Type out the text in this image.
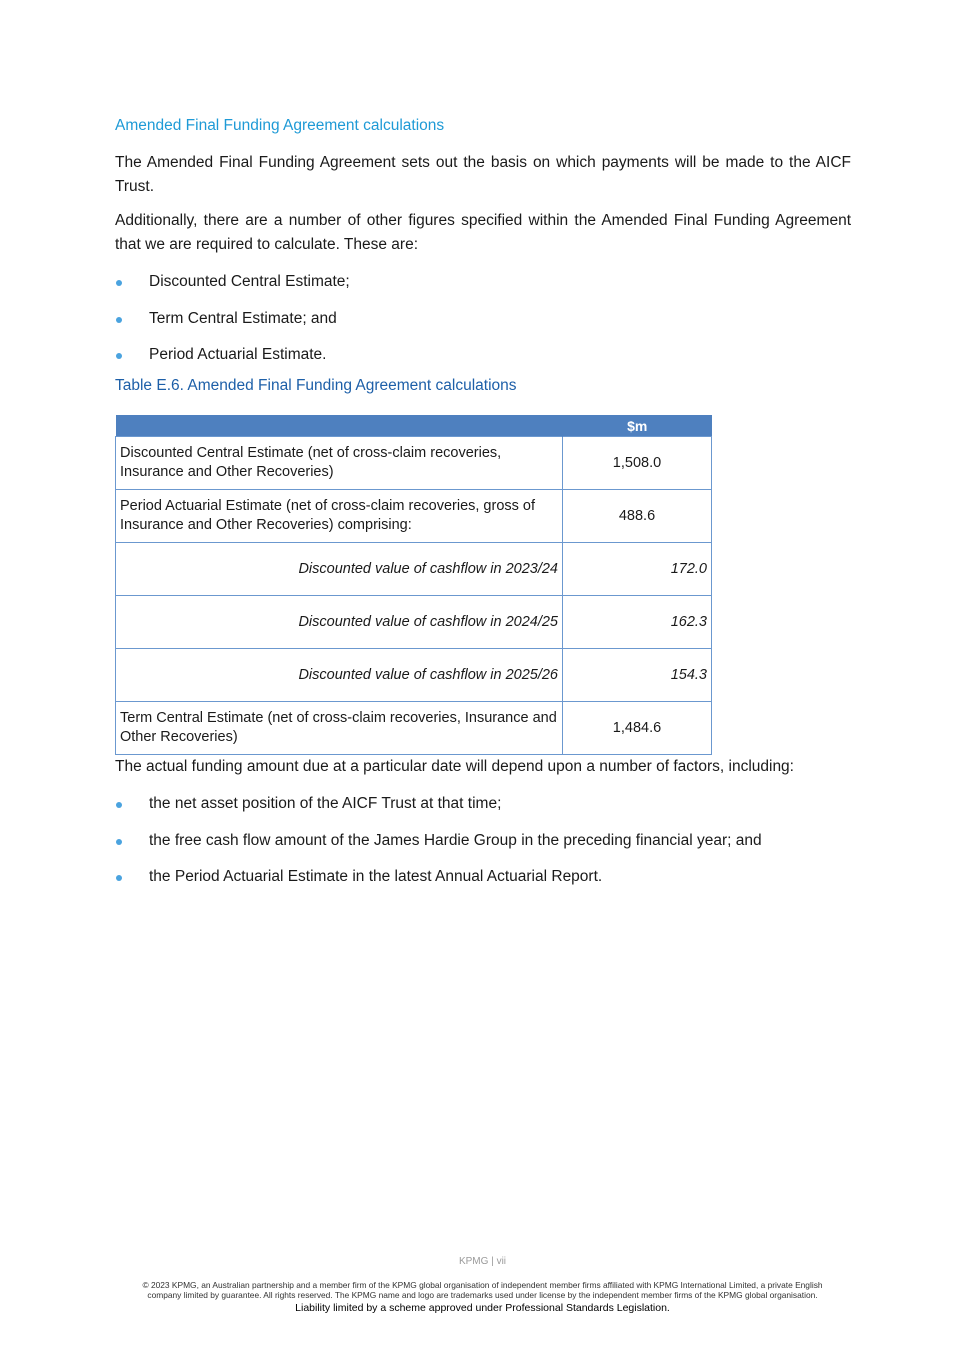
Amended Final Funding Agreement calculations

The Amended Final Funding Agreement sets out the basis on which payments will be made to the AICF Trust.

Additionally, there are a number of other figures specified within the Amended Final Funding Agreement that we are required to calculate. These are:

Discounted Central Estimate;
Term Central Estimate; and
Period Actuarial Estimate.
Table E.6. Amended Final Funding Agreement calculations
	$m
Discounted Central Estimate (net of cross-claim recoveries, Insurance and Other Recoveries)	1,508.0
Period Actuarial Estimate (net of cross-claim recoveries, gross of Insurance and Other Recoveries) comprising:	488.6
Discounted value of cashflow in 2023/24	172.0
Discounted value of cashflow in 2024/25	162.3
Discounted value of cashflow in 2025/26	154.3
Term Central Estimate (net of cross-claim recoveries, Insurance and Other Recoveries)	1,484.6

The actual funding amount due at a particular date will depend upon a number of factors, including:

the net asset position of the AICF Trust at that time;
the free cash flow amount of the James Hardie Group in the preceding financial year; and
the Period Actuarial Estimate in the latest Annual Actuarial Report.
KPMG | vii
© 2023 KPMG, an Australian partnership and a member firm of the KPMG global organisation of independent member firms affiliated with KPMG International Limited, a private English
company limited by guarantee. All rights reserved. The KPMG name and logo are trademarks used under license by the independent member firms of the KPMG global organisation.
Liability limited by a scheme approved under Professional Standards Legislation.
